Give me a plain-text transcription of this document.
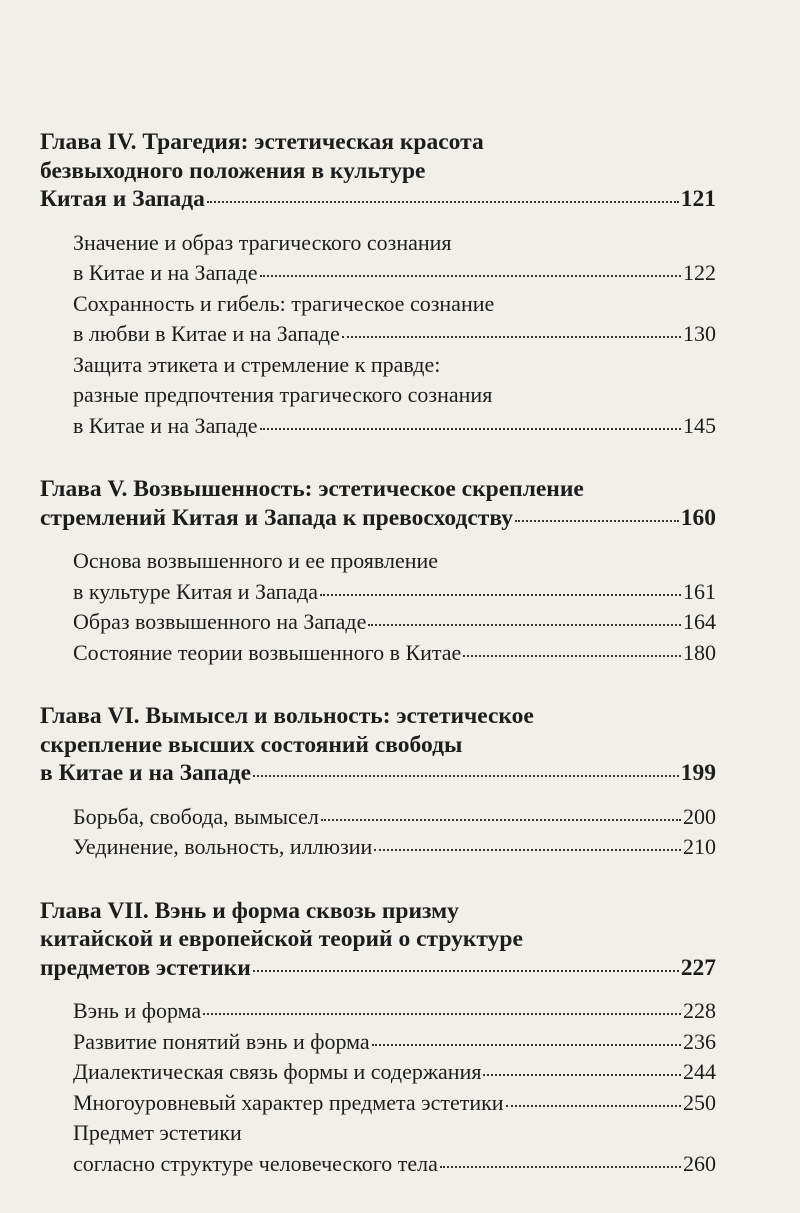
Глава IV. Трагедия: эстетическая красота
безвыходного положения в культуре
Китая и Запада	121
Значение и образ трагического сознания
в Китае и на Западе	122
Сохранность и гибель: трагическое сознание
в любви в Китае и на Западе	130
Защита этикета и стремление к правде:
разные предпочтения трагического сознания
в Китае и на Западе	145
Глава V. Возвышенность: эстетическое скрепление
стремлений Китая и Запада к превосходству	160
Основа возвышенного и ее проявление
в культуре Китая и Запада	161
Образ возвышенного на Западе	164
Состояние теории возвышенного в Китае	180
Глава VI. Вымысел и вольность: эстетическое
скрепление высших состояний свободы
в Китае и на Западе	199
Борьба, свобода, вымысел	200
Уединение, вольность, иллюзии	210
Глава VII. Вэнь и форма сквозь призму
китайской и европейской теорий о структуре
предметов эстетики	227
Вэнь и форма	228
Развитие понятий вэнь и форма	236
Диалектическая связь формы и содержания	244
Многоуровневый характер предмета эстетики	250
Предмет эстетики
согласно структуре человеческого тела	260
